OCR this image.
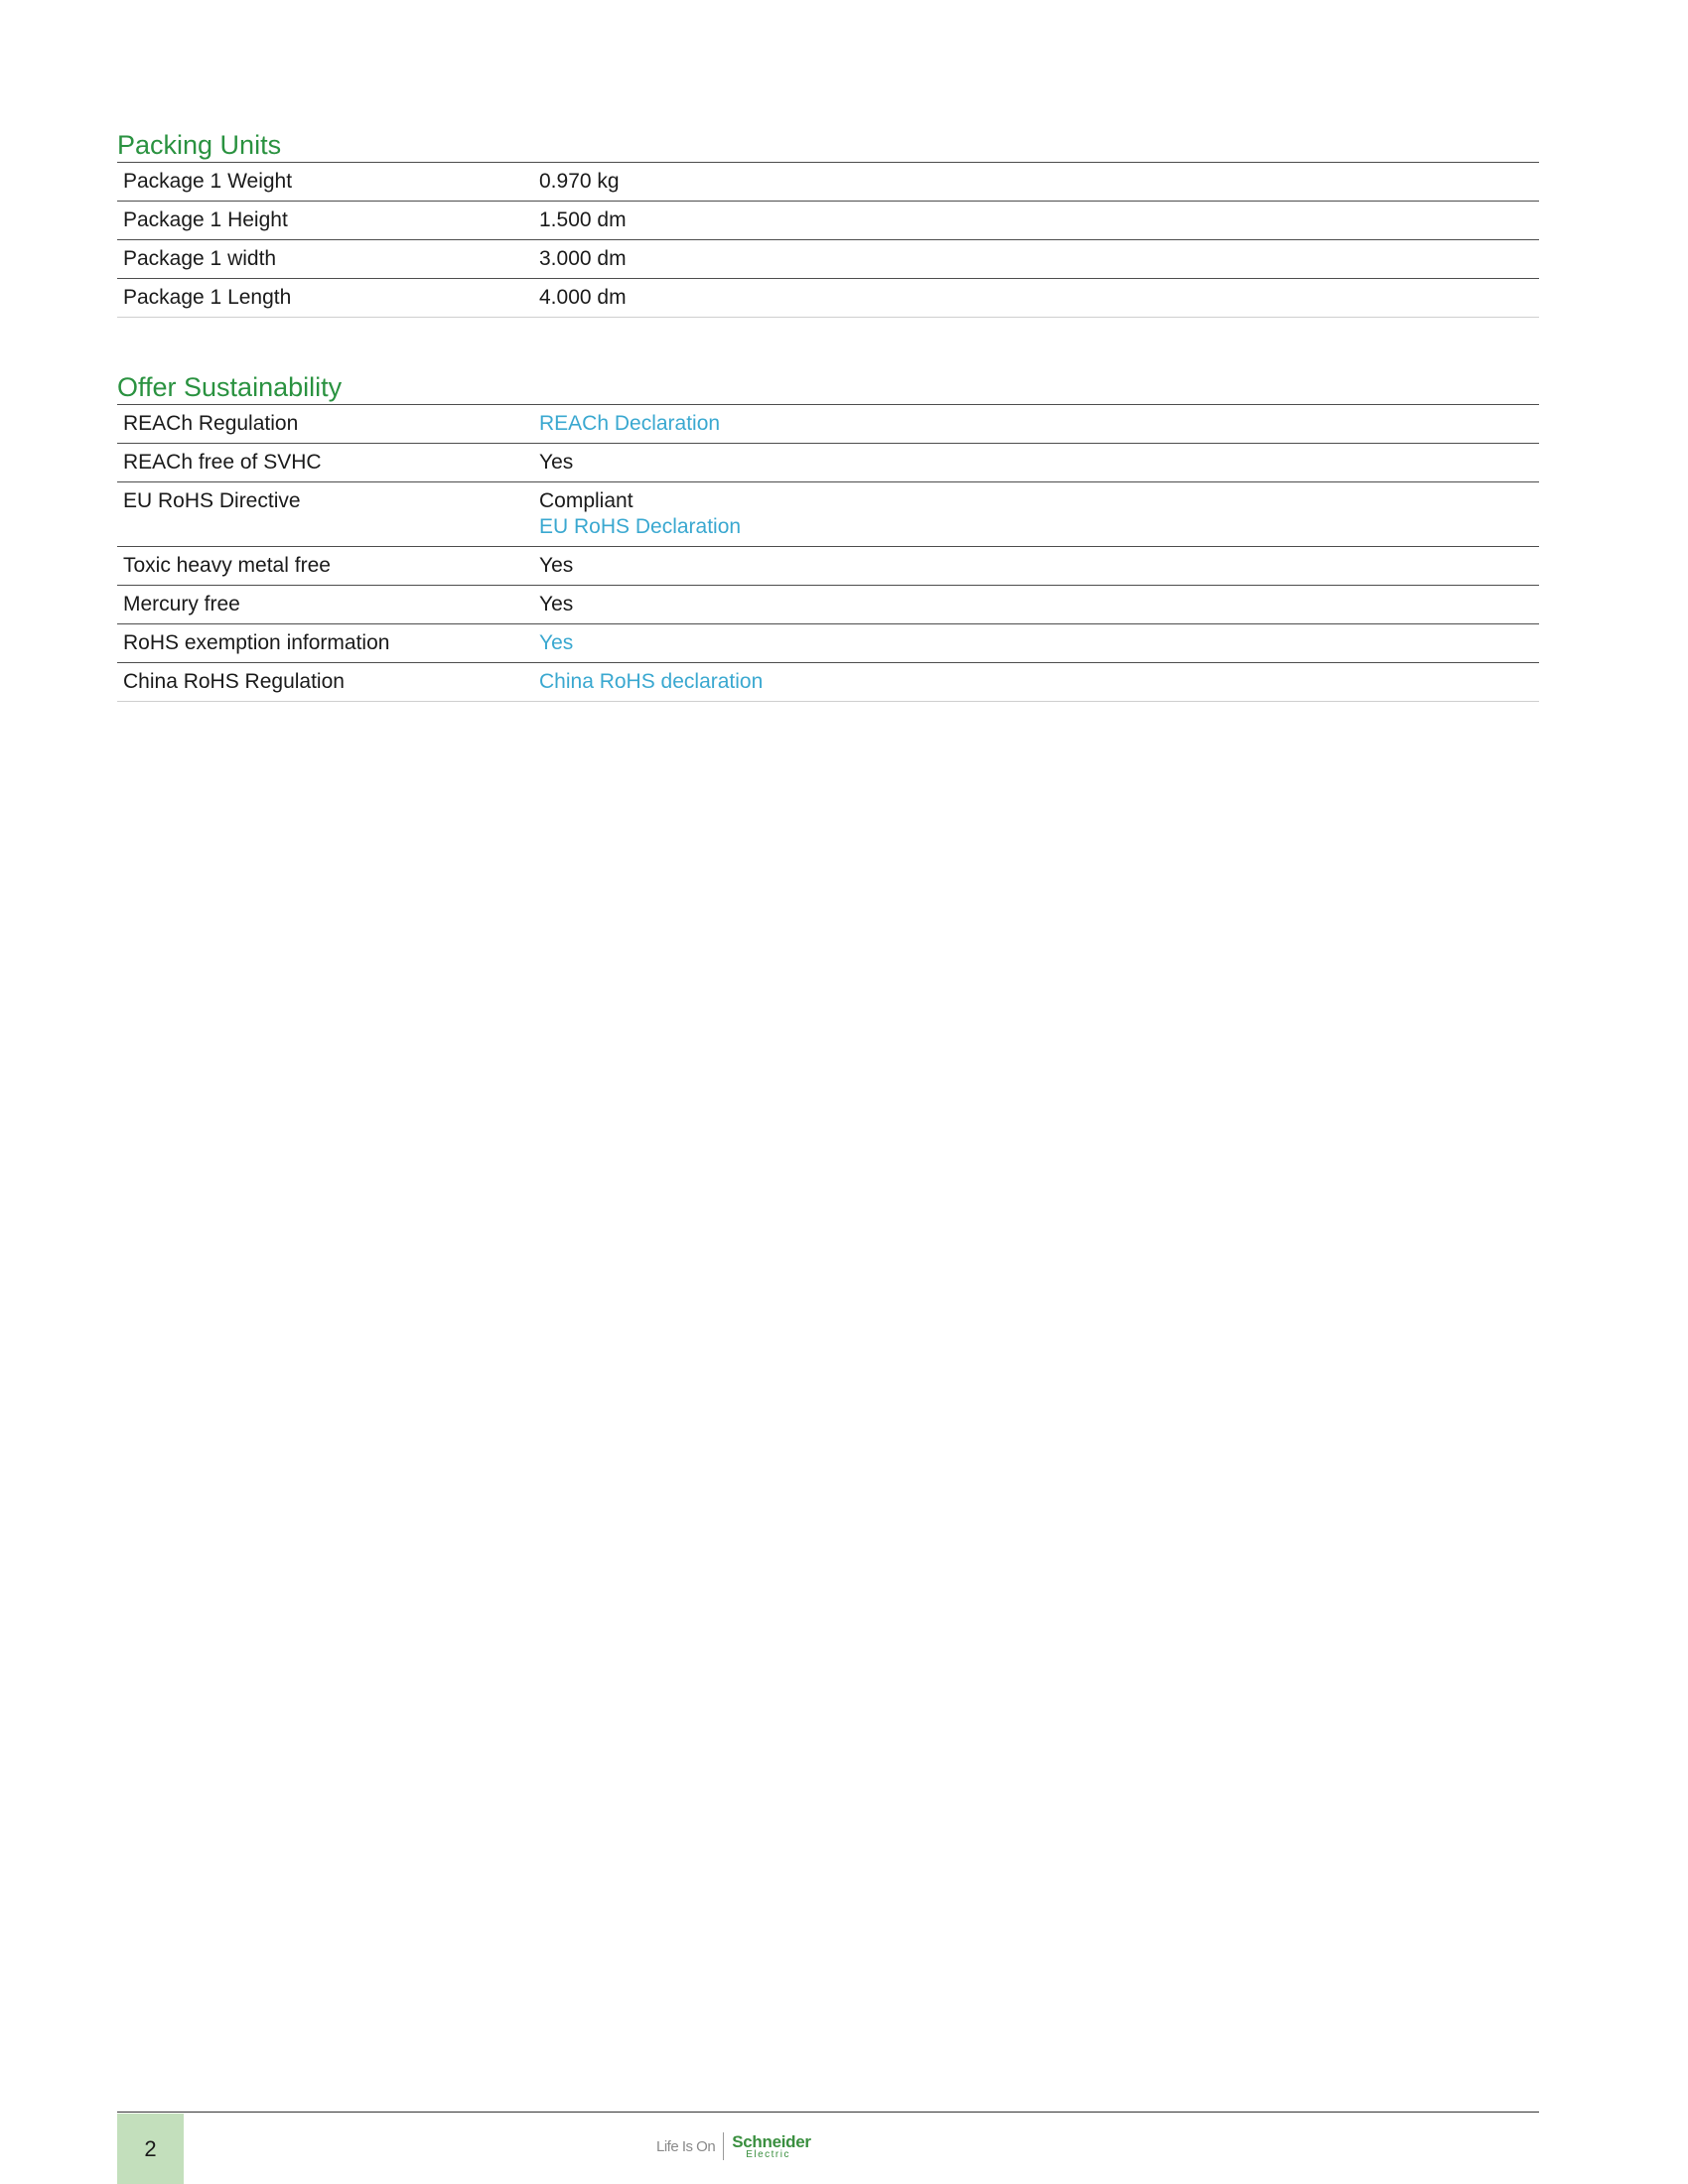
Packing Units
Package 1 Weight	0.970 kg
Package 1 Height	1.500 dm
Package 1 width	3.000 dm
Package 1 Length	4.000 dm
Offer Sustainability
REACh Regulation	REACh Declaration
REACh free of SVHC	Yes
EU RoHS Directive	Compliant
EU RoHS Declaration
Toxic heavy metal free	Yes
Mercury free	Yes
RoHS exemption information	Yes
China RoHS Regulation	China RoHS declaration
2	Life Is On	Schneider
Electric
